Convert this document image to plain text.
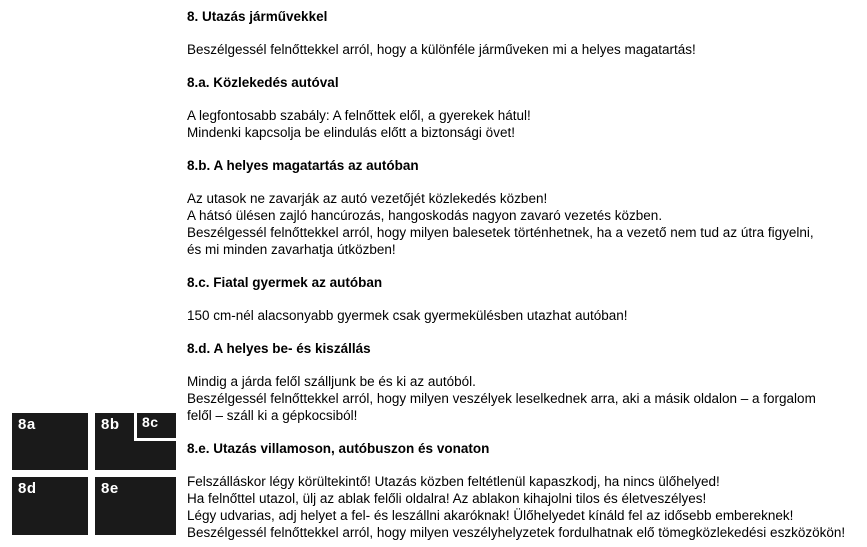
8a	8b 8c
8d	8e
8. Utazás járművekkel

Beszélgessél felnőttekkel arról, hogy a különféle járműveken mi a helyes magatartás!

8.a. Közlekedés autóval

A legfontosabb szabály: A felnőttek elől, a gyerekek hátul!
Mindenki kapcsolja be elindulás előtt a biztonsági övet!

8.b. A helyes magatartás az autóban

Az utasok ne zavarják az autó vezetőjét közlekedés közben!
A hátsó ülésen zajló hancúrozás, hangoskodás nagyon zavaró vezetés közben.
Beszélgessél felnőttekkel arról, hogy milyen balesetek történhetnek, ha a vezető nem tud az útra figyelni,
és mi minden zavarhatja útközben!

8.c. Fiatal gyermek az autóban

150 cm-nél alacsonyabb gyermek csak gyermekülésben utazhat autóban!

8.d. A helyes be- és kiszállás

Mindig a járda felől szálljunk be és ki az autóból.
Beszélgessél felnőttekkel arról, hogy milyen veszélyek leselkednek arra, aki a másik oldalon – a forgalom
felől – száll ki a gépkocsiból!

8.e. Utazás villamoson, autóbuszon és vonaton

Felszálláskor légy körültekintő! Utazás közben feltétlenül kapaszkodj, ha nincs ülőhelyed!
Ha felnőttel utazol, ülj az ablak felőli oldalra! Az ablakon kihajolni tilos és életveszélyes!
Légy udvarias, adj helyet a fel- és leszállni akaróknak! Ülőhelyedet kínáld fel az idősebb embereknek!
Beszélgessél felnőttekkel arról, hogy milyen veszélyhelyzetek fordulhatnak elő tömegközlekedési eszközökön!
